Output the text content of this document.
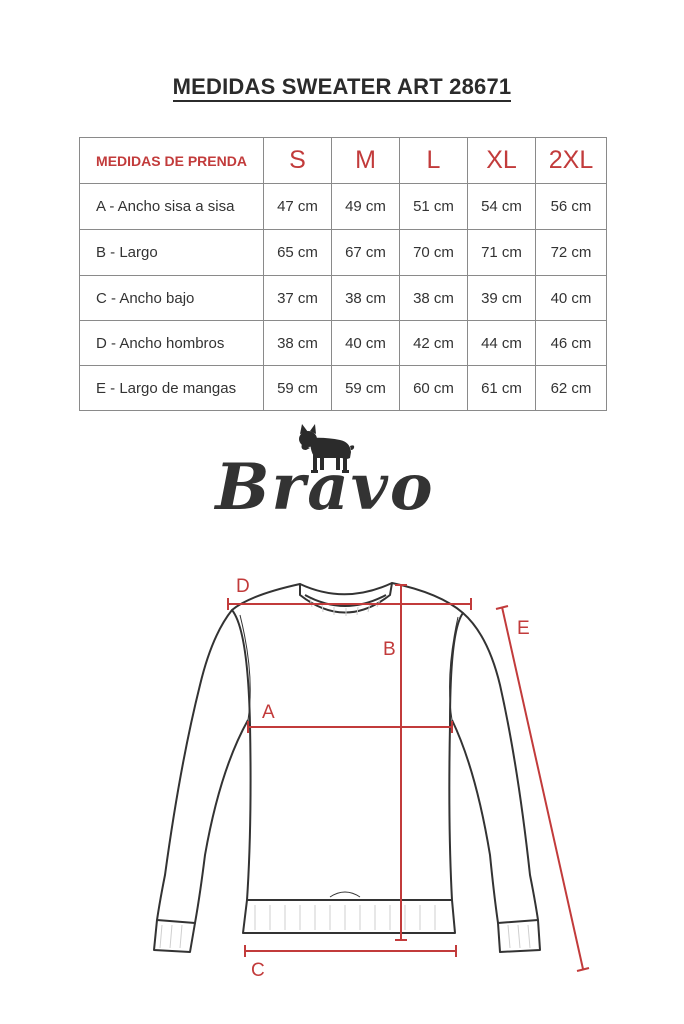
MEDIDAS SWEATER ART 28671
MEDIDAS DE PRENDA	S	M	L	XL	2XL
A - Ancho sisa a sisa	47 cm	49 cm	51 cm	54 cm	56 cm
B - Largo	65 cm	67 cm	70 cm	71 cm	72 cm
C - Ancho bajo	37 cm	38 cm	38 cm	39 cm	40 cm
D - Ancho hombros	38 cm	40 cm	42 cm	44 cm	46 cm
E - Largo de mangas	59 cm	59 cm	60 cm	61 cm	62 cm
Bravo
D
A
B
C
E
